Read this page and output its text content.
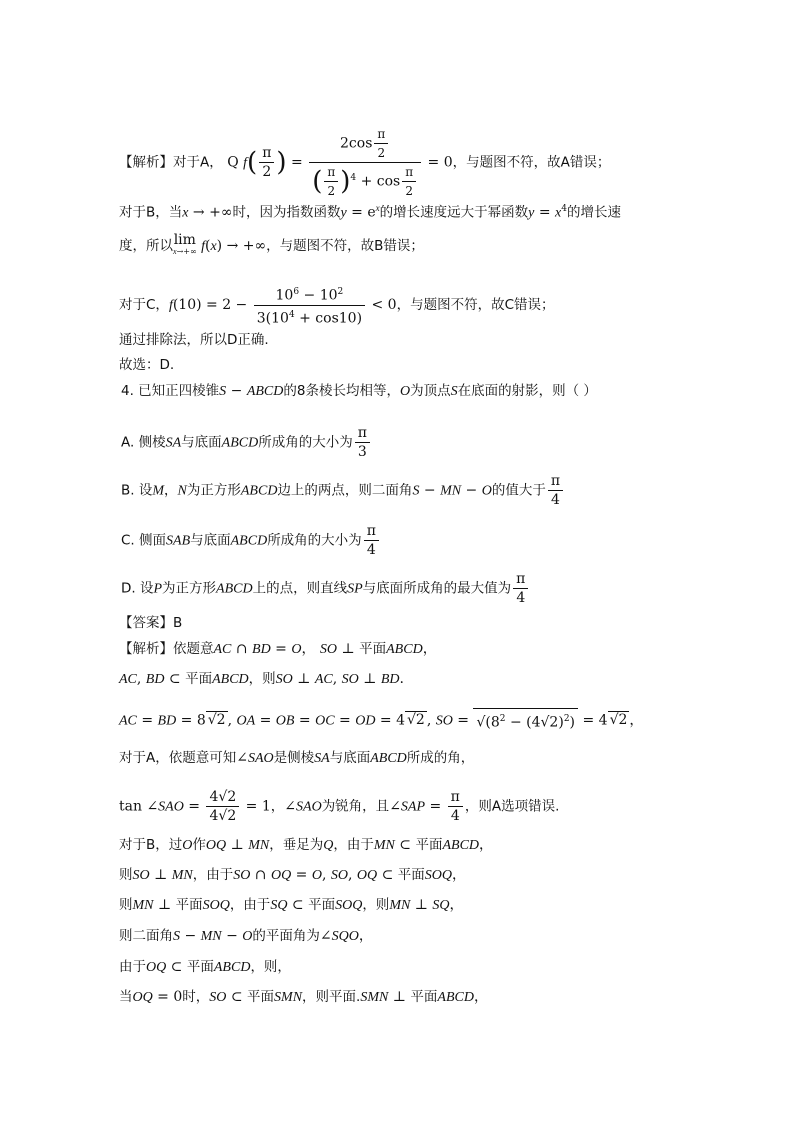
【解析】对于A， Q $f( \frac{\pi}{2}$ ) = $\frac{2\cos \frac{\pi}{2}}{( \frac{\pi}{2} )^4 + \cos \frac{\pi}{2}} = 0$，与题图不符，故A错误；
对于B，当x → +∞时，因为指数函数$y = e^x$的增长速度远大于幂函数$y = x^4$的增长速
度，所以lim
x→+∞ f(x) → +∞，与题图不符，故B错误；
对于C，$f(10) = 2 - \frac{10^6 - 10^2}{3(10^4 + \cos 10)} < 0$，与题图不符，故C错误；
通过排除法，所以D正确.
故选：D.
4. 已知正四棱锥S − ABCD的8条棱长均相等，O为顶点S在底面的射影，则（ ）
A. 侧棱SA与底面ABCD所成角的大小为 $\frac{\pi}{3}$
B. 设M，N为正方形ABCD边上的两点，则二面角S − MN − O的值大于 $\frac{\pi}{4}$
C. 侧面SAB与底面ABCD所成角的大小为 $\frac{\pi}{4}$
D. 设P为正方形ABCD上的点，则直线SP与底面所成角的最大值为 $\frac{\pi}{4}$
【答案】B
【解析】依题意AC ∩ BD = O， SO ⊥ 平面ABCD，
AC, BD ⊂ 平面ABCD，则SO ⊥ AC, SO ⊥ BD.
AC = BD = 8 √2 , OA = OB = OC = OD = 4 √2 , SO = $√(8^2 - (4√2)^2) = 4$ √2 ，
对于A，依题意可知∠SAO是侧棱SA与底面ABCD所成的角，
tan ∠SAO = $\frac{4√2}{4√2} = 1$，∠SAO为锐角，且∠SAP = $\frac{\pi}{4}$ ，则A选项错误.
对于B，过O作OQ ⊥ MN，垂足为Q，由于MN ⊂ 平面ABCD，
则SO ⊥ MN，由于SO ∩ OQ = O, SO, OQ ⊂ 平面SOQ，
则MN ⊥ 平面SOQ，由于SQ ⊂ 平面SOQ，则MN ⊥ SQ，
则二面角S − MN − O的平面角为∠SQO，
由于OQ ⊂ 平面ABCD，则，
当OQ = 0时，SO ⊂ 平面SMN，则平面.SMN ⊥ 平面ABCD，
